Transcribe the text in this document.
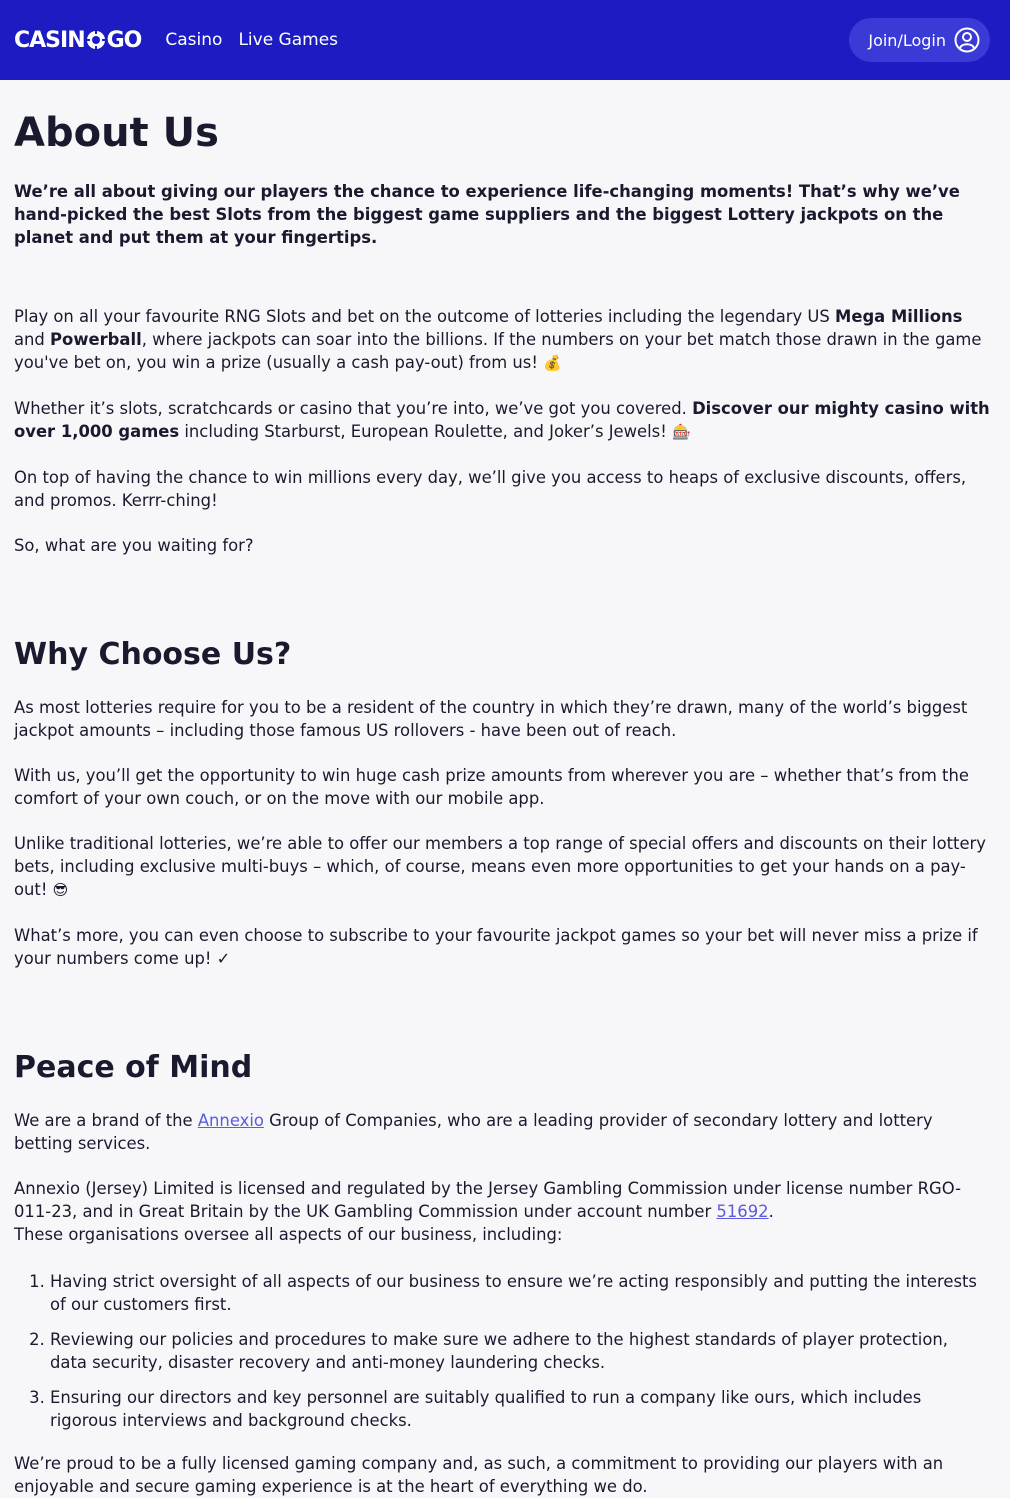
CASIN GO Casino Live Games	Join/Login
About Us

We’re all about giving our players the chance to experience life-changing moments! That’s why we’ve hand-picked the best Slots from the biggest game suppliers and the biggest Lottery jackpots on the planet and put them at your fingertips.

Play on all your favourite RNG Slots and bet on the outcome of lotteries including the legendary US Mega Millions and Powerball, where jackpots can soar into the billions. If the numbers on your bet match those drawn in the game you've bet on, you win a prize (usually a cash pay-out) from us! 💰

Whether it’s slots, scratchcards or casino that you’re into, we’ve got you covered. Discover our mighty casino with over 1,000 games including Starburst, European Roulette, and Joker’s Jewels! 🎰

On top of having the chance to win millions every day, we’ll give you access to heaps of exclusive discounts, offers, and promos. Kerrr-ching!

So, what are you waiting for?

Why Choose Us?

As most lotteries require for you to be a resident of the country in which they’re drawn, many of the world’s biggest jackpot amounts – including those famous US rollovers - have been out of reach.

With us, you’ll get the opportunity to win huge cash prize amounts from wherever you are – whether that’s from the comfort of your own couch, or on the move with our mobile app.

Unlike traditional lotteries, we’re able to offer our members a top range of special offers and discounts on their lottery bets, including exclusive multi-buys – which, of course, means even more opportunities to get your hands on a pay-out! 😎

What’s more, you can even choose to subscribe to your favourite jackpot games so your bet will never miss a prize if your numbers come up! ✓

Peace of Mind

We are a brand of the Annexio Group of Companies, who are a leading provider of secondary lottery and lottery betting services.

Annexio (Jersey) Limited is licensed and regulated by the Jersey Gambling Commission under license number RGO-011-23, and in Great Britain by the UK Gambling Commission under account number 51692.
These organisations oversee all aspects of our business, including:

1. Having strict oversight of all aspects of our business to ensure we’re acting responsibly and putting the interests of our customers first.
2. Reviewing our policies and procedures to make sure we adhere to the highest standards of player protection, data security, disaster recovery and anti-money laundering checks.
3. Ensuring our directors and key personnel are suitably qualified to run a company like ours, which includes rigorous interviews and background checks.

We’re proud to be a fully licensed gaming company and, as such, a commitment to providing our players with an enjoyable and secure gaming experience is at the heart of everything we do.
